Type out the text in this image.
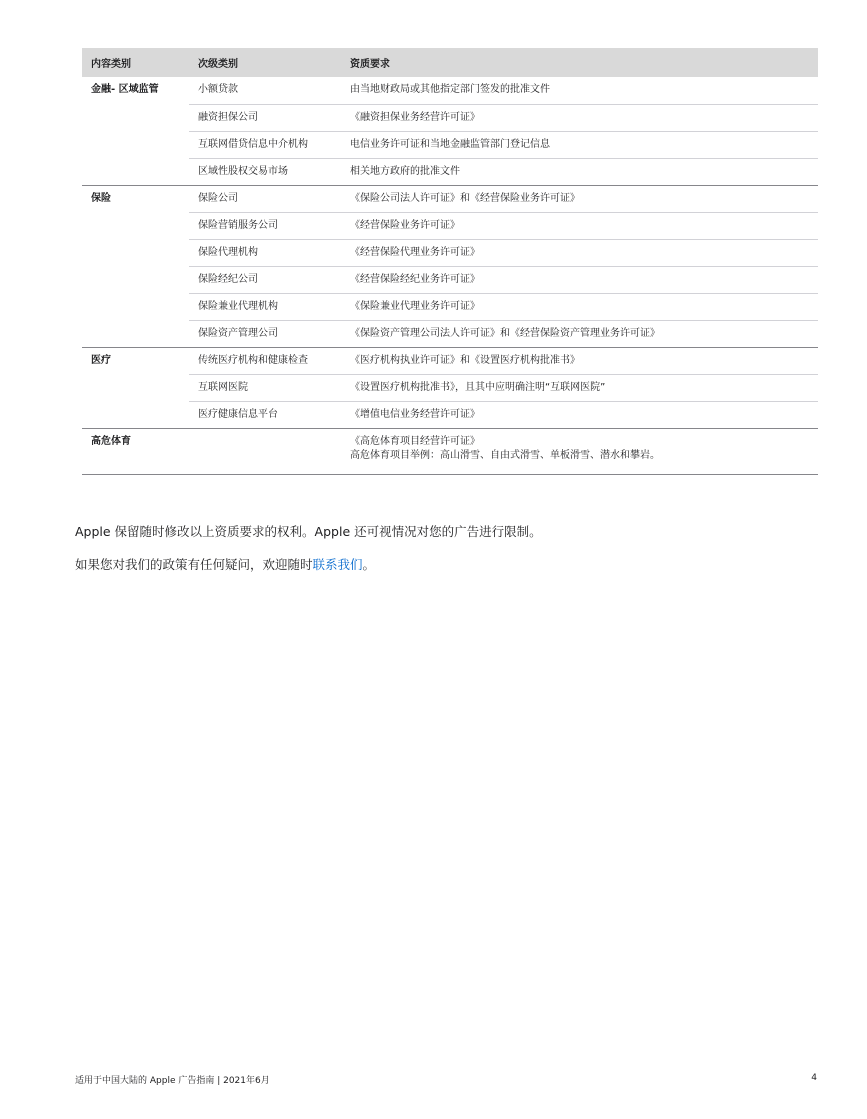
内容类别	次级类别	资质要求
金融- 区域监管	小额贷款	由当地财政局或其他指定部门签发的批准文件
	融资担保公司	《融资担保业务经营许可证》
	互联网借贷信息中介机构	电信业务许可证和当地金融监管部门登记信息
	区域性股权交易市场	相关地方政府的批准文件
保险	保险公司	《保险公司法人许可证》和《经营保险业务许可证》
	保险营销服务公司	《经营保险业务许可证》
	保险代理机构	《经营保险代理业务许可证》
	保险经纪公司	《经营保险经纪业务许可证》
	保险兼业代理机构	《保险兼业代理业务许可证》
	保险资产管理公司	《保险资产管理公司法人许可证》和《经营保险资产管理业务许可证》
医疗	传统医疗机构和健康检查	《医疗机构执业许可证》和《设置医疗机构批准书》
	互联网医院	《设置医疗机构批准书》，且其中应明确注明“互联网医院”
	医疗健康信息平台	《增值电信业务经营许可证》
高危体育		《高危体育项目经营许可证》
高危体育项目举例：高山滑雪、自由式滑雪、单板滑雪、潜水和攀岩。

Apple 保留随时修改以上资质要求的权利。Apple 还可视情况对您的广告进行限制。

如果您对我们的政策有任何疑问，欢迎随时联系我们。

适用于中国大陆的 Apple 广告指南 | 2021年6月	4
